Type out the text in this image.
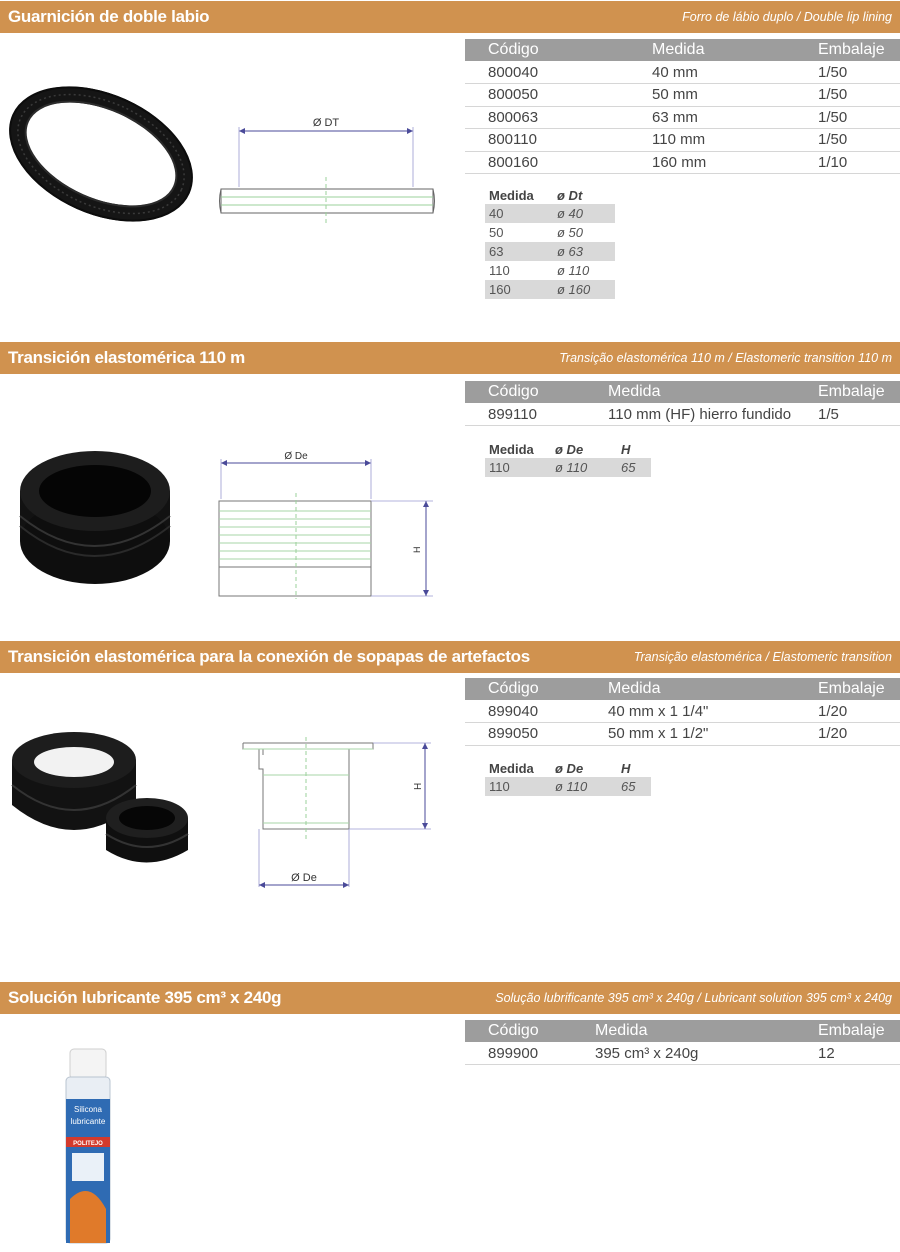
Guarnición de doble labio	Forro de lábio duplo / Double lip lining
Ø DT
Código	Medida	Embalaje
800040	40 mm	1/50
800050	50 mm	1/50
800063	63 mm	1/50
800110	110 mm	1/50
800160	160 mm	1/10
Medida	ø Dt
40	ø 40
50	ø 50
63	ø 63
110	ø 110
160	ø 160
Transición elastomérica 110 m	Transição elastomérica 110 m / Elastomeric transition 110 m
Ø De
H
Código	Medida	Embalaje
899110	110 mm (HF) hierro fundido	1/5
Medida	ø De	H
110	ø 110	65
Transición elastomérica para la conexión de sopapas de artefactos	Transição elastomérica / Elastomeric transition
H
Ø De
Código	Medida	Embalaje
899040	40 mm x 1 1/4"	1/20
899050	50 mm x 1 1/2"	1/20
Medida	ø De	H
110	ø 110	65
Solución lubricante 395 cm³ x 240g	Solução lubrificante 395 cm³ x 240g / Lubricant solution 395 cm³ x 240g
Silicona
lubricante
POLITEJO
Código	Medida	Embalaje
899900	395 cm³ x 240g	12
